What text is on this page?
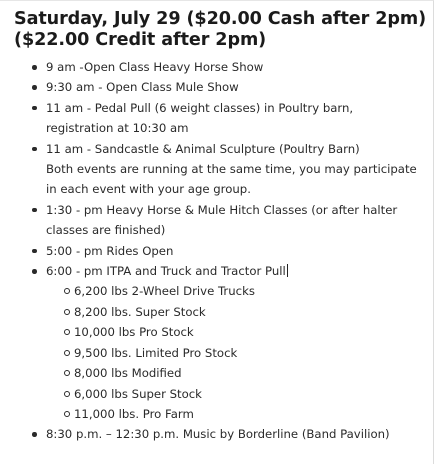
Saturday, July 29 ($20.00 Cash after 2pm)
($22.00 Credit after 2pm)
9 am -Open Class Heavy Horse Show
9:30 am - Open Class Mule Show
11 am - Pedal Pull (6 weight classes) in Poultry barn,
registration at 10:30 am
11 am - Sandcastle & Animal Sculpture (Poultry Barn)
Both events are running at the same time, you may participate
in each event with your age group.
1:30 - pm Heavy Horse & Mule Hitch Classes (or after halter
classes are finished)
5:00 - pm Rides Open
6:00 - pm ITPA and Truck and Tractor Pull
6,200 lbs 2-Wheel Drive Trucks
8,200 lbs. Super Stock
10,000 lbs Pro Stock
9,500 lbs. Limited Pro Stock
8,000 lbs Modified
6,000 lbs Super Stock
11,000 lbs. Pro Farm
8:30 p.m. – 12:30 p.m. Music by Borderline (Band Pavilion)
